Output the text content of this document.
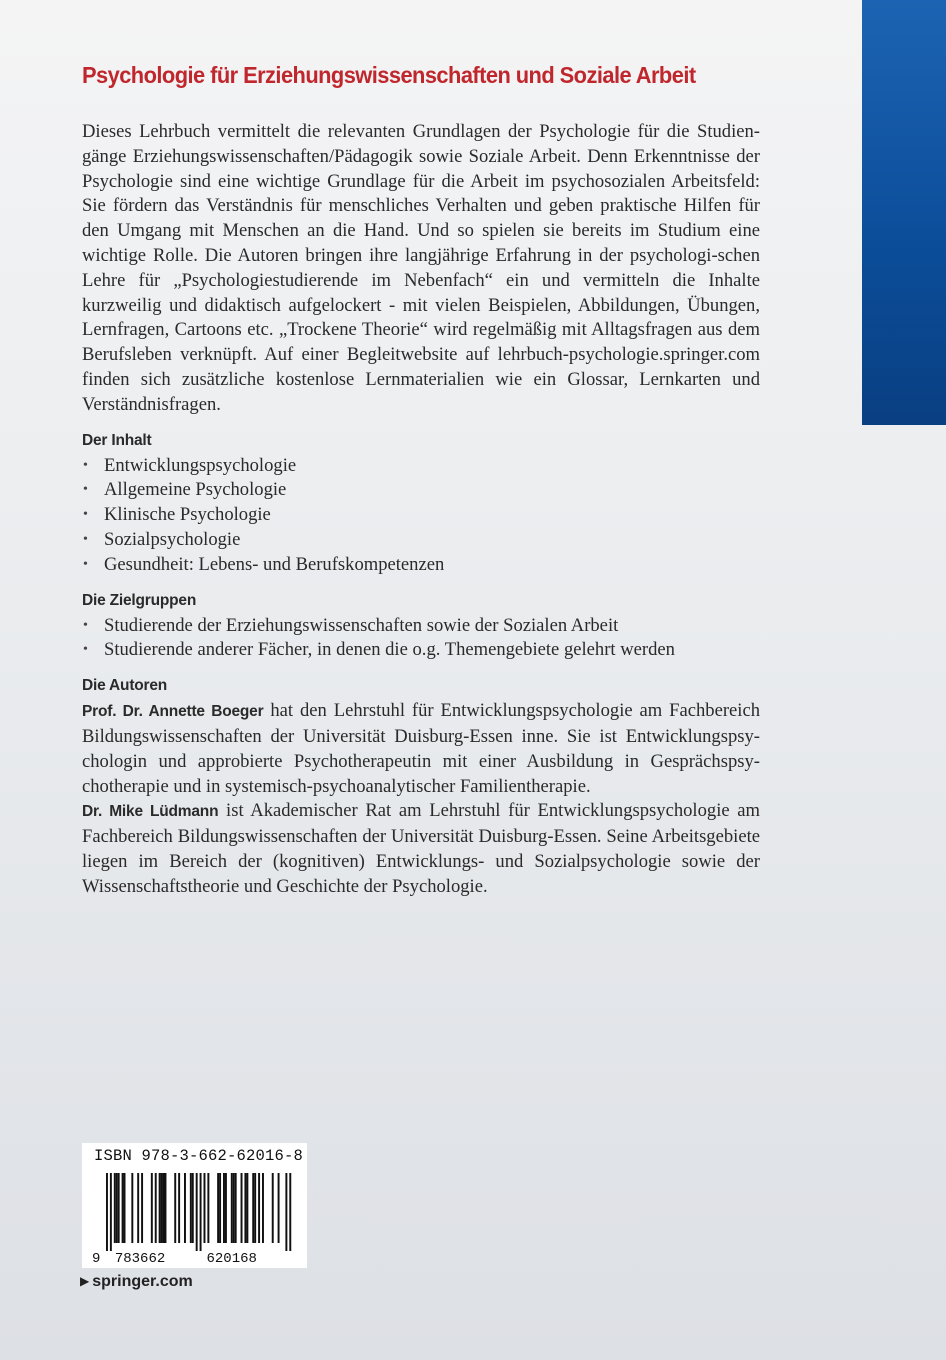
Psychologie für Erziehungswissenschaften und Soziale Arbeit

Dieses Lehrbuch vermittelt die relevanten Grundlagen der Psychologie für die Studien- gänge Erziehungswissenschaften/Pädagogik sowie Soziale Arbeit. Denn Erkenntnisse der Psychologie sind eine wichtige Grundlage für die Arbeit im psychosozialen Arbeitsfeld: Sie fördern das Verständnis für menschliches Verhalten und geben praktische Hilfen für den Umgang mit Menschen an die Hand. Und so spielen sie bereits im Studium eine wichtige Rolle. Die Autoren bringen ihre langjährige Erfahrung in der psychologi-schen Lehre für „Psychologiestudierende im Nebenfach“ ein und vermitteln die Inhalte kurzweilig und didaktisch aufgelockert - mit vielen Beispielen, Abbildungen, Übungen, Lernfragen, Cartoons etc. „Trockene Theorie“ wird regelmäßig mit Alltagsfragen aus dem Berufsleben verknüpft. Auf einer Begleitwebsite auf lehrbuch-psychologie.springer.com finden sich zusätzliche kostenlose Lernmaterialien wie ein Glossar, Lernkarten und Verständnisfragen.

Der Inhalt
• Entwicklungspsychologie
• Allgemeine Psychologie
• Klinische Psychologie
• Sozialpsychologie
• Gesundheit: Lebens- und Berufskompetenzen
Die Zielgruppen
• Studierende der Erziehungswissenschaften sowie der Sozialen Arbeit
• Studierende anderer Fächer, in denen die o.g. Themengebiete gelehrt werden
Die Autoren

Prof. Dr. Annette Boeger hat den Lehrstuhl für Entwicklungspsychologie am Fachbereich Bildungswissenschaften der Universität Duisburg-Essen inne. Sie ist Entwicklungspsychologin und approbierte Psychotherapeutin mit einer Ausbildung in Gesprächspsychotherapie und in systemisch-psychoanalytischer Familientherapie.

Dr. Mike Lüdmann ist Akademischer Rat am Lehrstuhl für Entwicklungspsychologie am Fachbereich Bildungswissenschaften der Universität Duisburg-Essen. Seine Arbeitsgebiete liegen im Bereich der (kognitiven) Entwicklungs- und Sozialpsychologie sowie der Wissenschaftstheorie und Geschichte der Psychologie.

9 783662	620168
ISBN 978-3-662-62016-8
▶ springer.com
